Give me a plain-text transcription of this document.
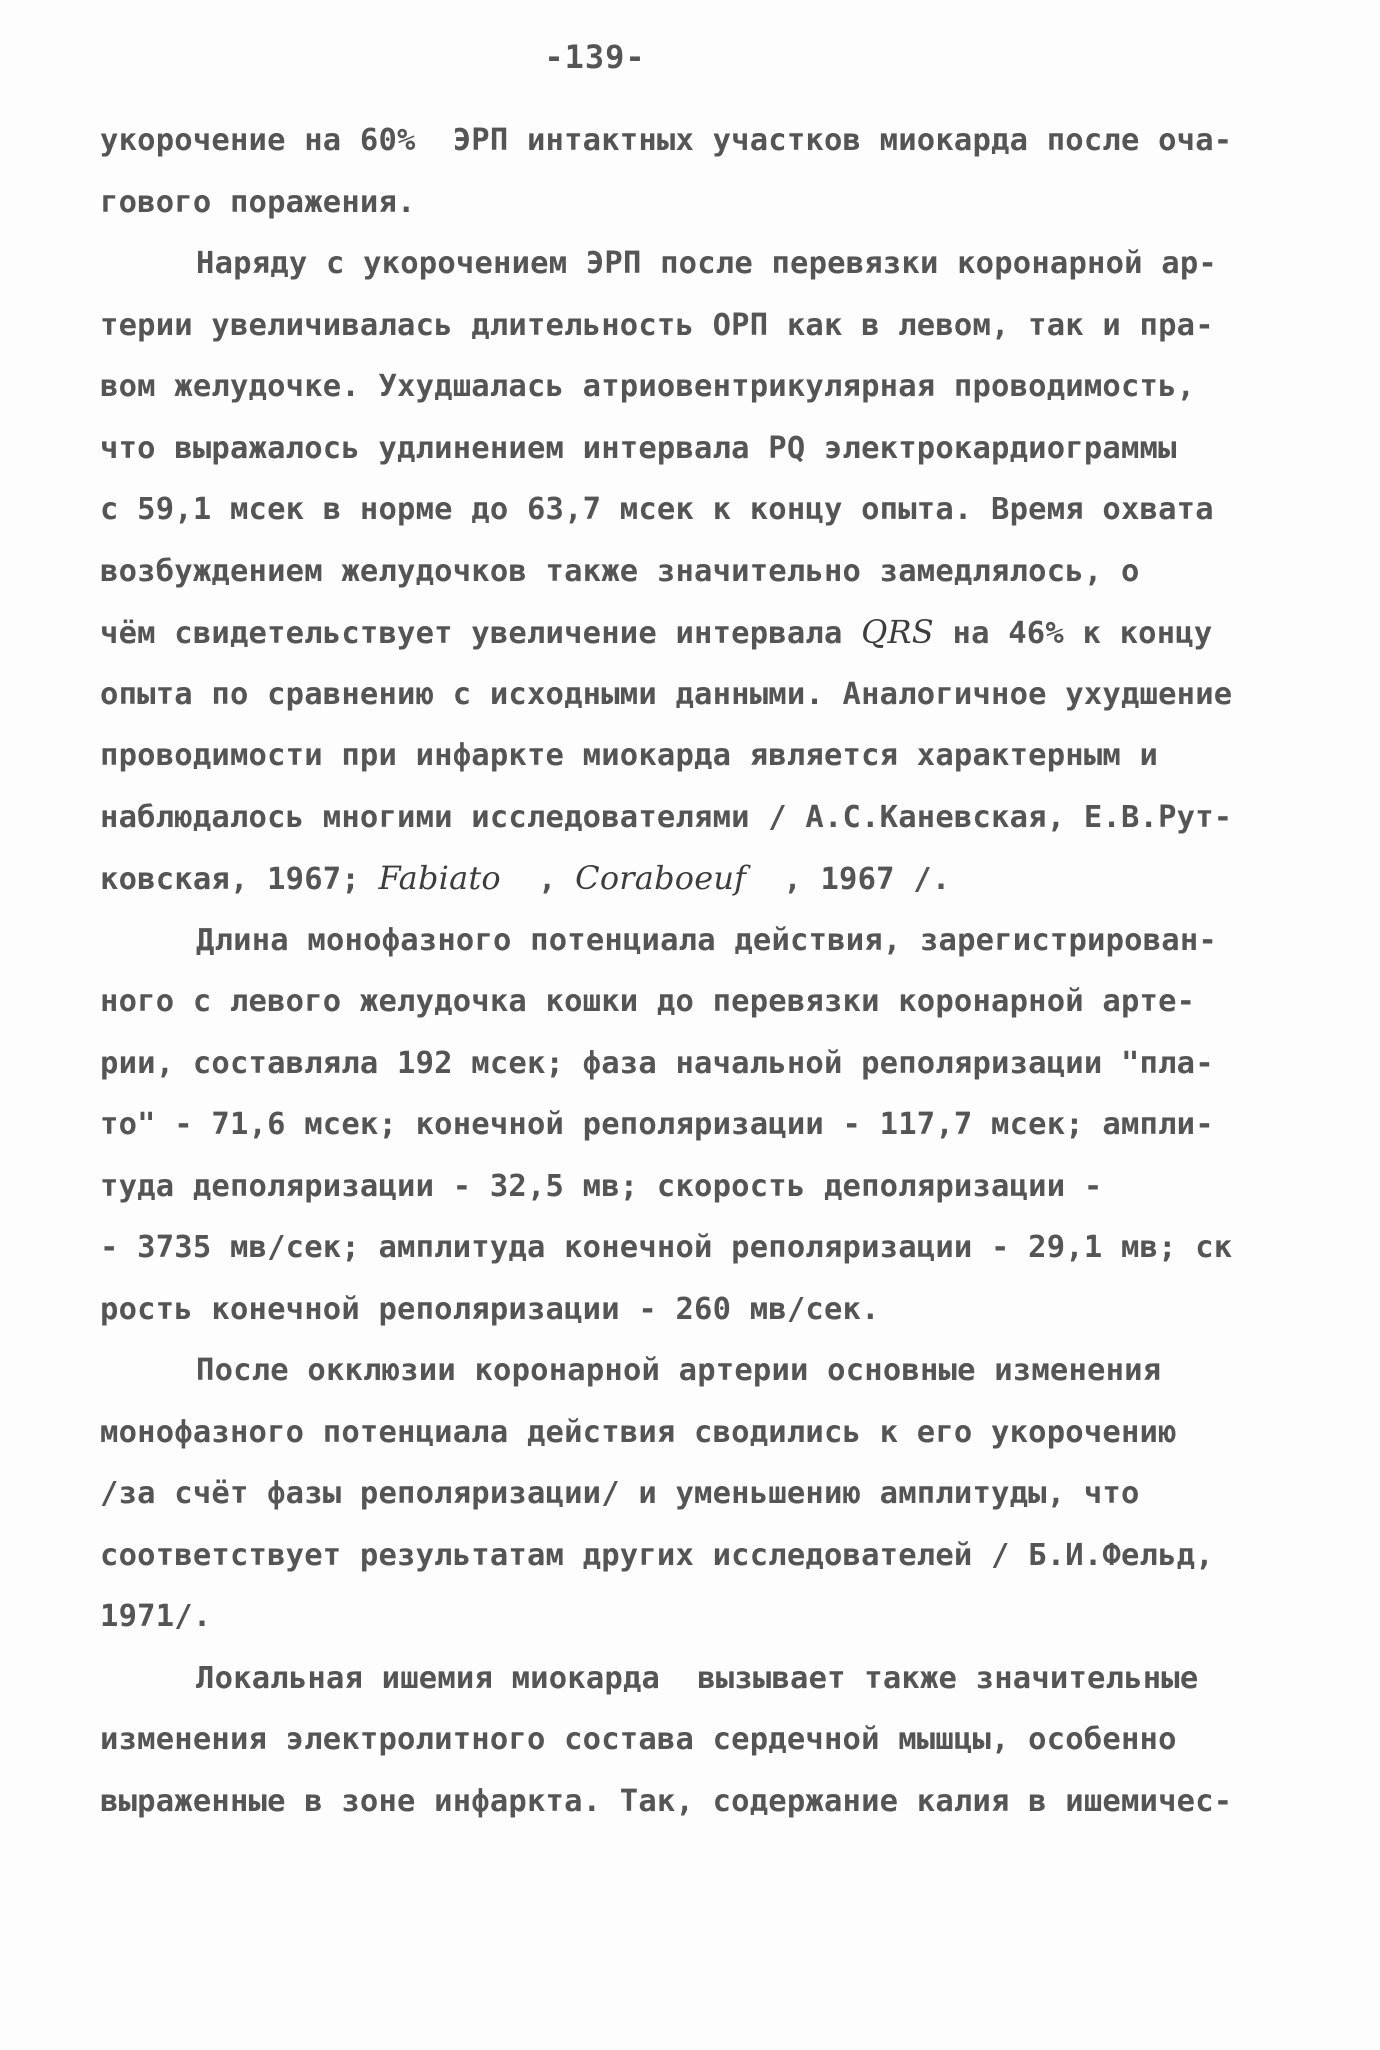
-139-
укорочение на 60%  ЭРП интактных участков миокарда после оча-
гового поражения.
Наряду с укорочением ЭРП после перевязки коронарной ар-
терии увеличивалась длительность ОРП как в левом, так и пра-
вом желудочке. Ухудшалась атриовентрикулярная проводимость,
что выражалось удлинением интервала PQ электрокардиограммы
с 59,1 мсек в норме до 63,7 мсек к концу опыта. Время охвата
возбуждением желудочков также значительно замедлялось, о
чём свидетельствует увеличение интервала QRS на 46% к концу
опыта по сравнению с исходными данными. Аналогичное ухудшение
проводимости при инфаркте миокарда является характерным и
наблюдалось многими исследователями / А.С.Каневская, Е.В.Рут-
ковская, 1967; Fabiato  , Coraboeuf  , 1967 /.
Длина монофазного потенциала действия, зарегистрирован-
ного с левого желудочка кошки до перевязки коронарной арте-
рии, составляла 192 мсек; фаза начальной реполяризации "пла-
то" - 71,6 мсек; конечной реполяризации - 117,7 мсек; ампли-
туда деполяризации - 32,5 мв; скорость деполяризации -
- 3735 мв/сек; амплитуда конечной реполяризации - 29,1 мв; ск
рость конечной реполяризации - 260 мв/сек.
После окклюзии коронарной артерии основные изменения
монофазного потенциала действия сводились к его укорочению
/за счёт фазы реполяризации/ и уменьшению амплитуды, что
соответствует результатам других исследователей / Б.И.Фельд,
1971/.
Локальная ишемия миокарда  вызывает также значительные
изменения электролитного состава сердечной мышцы, особенно
выраженные в зоне инфаркта. Так, содержание калия в ишемичес-
